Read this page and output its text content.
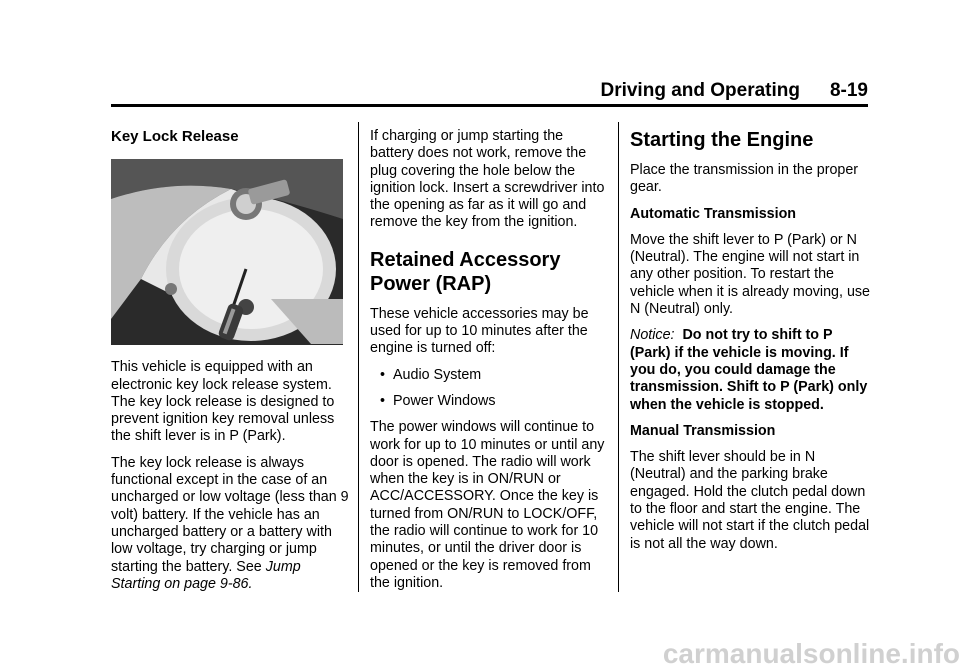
Driving and Operating 8-19
Key Lock Release

This vehicle is equipped with an electronic key lock release system. The key lock release is designed to prevent ignition key removal unless the shift lever is in P (Park).

The key lock release is always functional except in the case of an uncharged or low voltage (less than 9 volt) battery. If the vehicle has an uncharged battery or a battery with low voltage, try charging or jump starting the battery. See Jump Starting on page 9-86.

If charging or jump starting the battery does not work, remove the plug covering the hole below the ignition lock. Insert a screwdriver into the opening as far as it will go and remove the key from the ignition.

Retained Accessory Power (RAP)

These vehicle accessories may be used for up to 10 minutes after the engine is turned off:

• Audio System
• Power Windows

The power windows will continue to work for up to 10 minutes or until any door is opened. The radio will work when the key is in ON/RUN or ACC/ACCESSORY. Once the key is turned from ON/RUN to LOCK/OFF, the radio will continue to work for 10 minutes, or until the driver door is opened or the key is removed from the ignition.

Starting the Engine

Place the transmission in the proper gear.

Automatic Transmission

Move the shift lever to P (Park) or N (Neutral). The engine will not start in any other position. To restart the vehicle when it is already moving, use N (Neutral) only.

Notice: Do not try to shift to P (Park) if the vehicle is moving. If you do, you could damage the transmission. Shift to P (Park) only when the vehicle is stopped.

Manual Transmission

The shift lever should be in N (Neutral) and the parking brake engaged. Hold the clutch pedal down to the floor and start the engine. The vehicle will not start if the clutch pedal is not all the way down.

carmanualsonline.info
